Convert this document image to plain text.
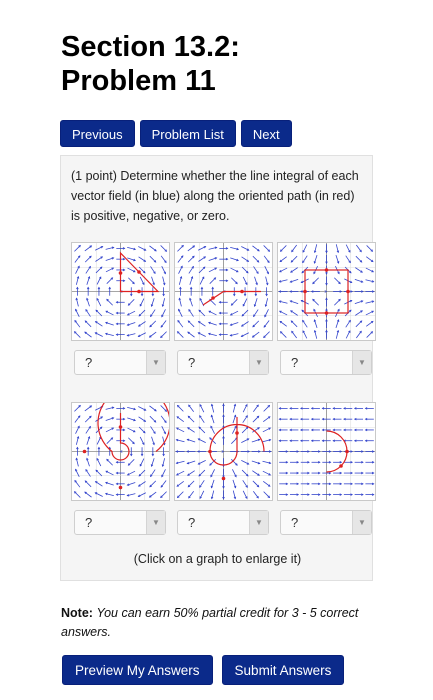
Section 13.2:
Problem 11
Previous	Problem List	Next
(1 point) Determine whether the line integral of each vector field (in blue) along the oriented path (in red) is positive, negative, or zero.
?	▼	?	▼	?	▼
?	▼	?	▼	?	▼
(Click on a graph to enlarge it)
Note: You can earn 50% partial credit for 3 - 5 correct answers.
Preview My Answers	Submit Answers
